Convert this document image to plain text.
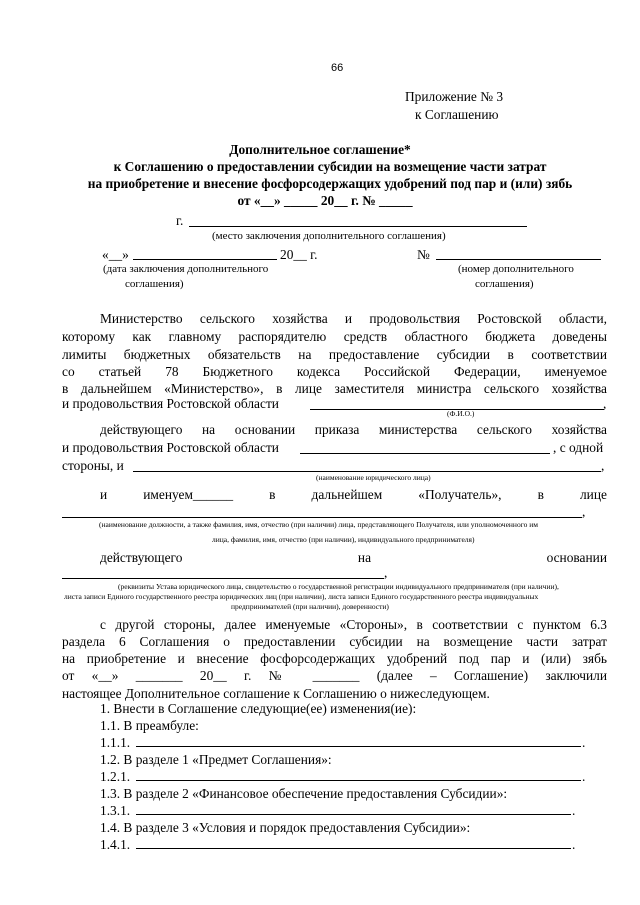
66
Приложение № 3
к Соглашению
Дополнительное соглашение*
к Соглашению о предоставлении субсидии на возмещение части затрат
на приобретение и внесение фосфорсодержащих удобрений под пар и (или) зябь
от «__» _____ 20__ г. № _____
г.
(место заключения дополнительного соглашения)
«__»	20__ г.	№
(дата заключения дополнительного
соглашения)
(номер дополнительного
соглашения)
Министерство сельского хозяйства и продовольствия Ростовской области,
которому как главному распорядителю средств областного бюджета доведены
лимиты бюджетных обязательств на предоставление субсидии в соответствии
со статьей 78 Бюджетного кодекса Российской Федерации, именуемое
в дальнейшем «Министерство», в лице заместителя министра сельского хозяйства
и продовольствия Ростовской области	,
(Ф.И.О.)
действующего на основании приказа министерства сельского хозяйства
и продовольствия Ростовской области	, с одной
стороны, и	,
(наименование юридического лица)
и	именуем______	в	дальнейшем	«Получатель»,	в	лице
,
(наименование должности, а также фамилия, имя, отчество (при наличии) лица, представляющего Получателя, или уполномоченного им
лица, фамилия, имя, отчество (при наличии), индивидуального предпринимателя)
действующего	на	основании
,
(реквизиты Устава юридического лица, свидетельство о государственной регистрации индивидуального предпринимателя (при наличии),
листа записи Единого государственного реестра юридических лиц (при наличии), листа записи Единого государственного реестра индивидуальных
предпринимателей (при наличии), доверенности)
с другой стороны, далее именуемые «Стороны», в соответствии с пунктом 6.3
раздела 6 Соглашения о предоставлении субсидии на возмещение части затрат
на приобретение и внесение фосфорсодержащих удобрений под пар и (или) зябь
от «__» _______ 20__ г. № _______ (далее – Соглашение) заключили
настоящее Дополнительное соглашение к Соглашению о нижеследующем.
1. Внести в Соглашение следующие(ее) изменения(ие):
1.1. В преамбуле:
1.1.1.	.
1.2. В разделе 1 «Предмет Соглашения»:
1.2.1.	.
1.3. В разделе 2 «Финансовое обеспечение предоставления Субсидии»:
1.3.1.	.
1.4. В разделе 3 «Условия и порядок предоставления Субсидии»:
1.4.1.	.
